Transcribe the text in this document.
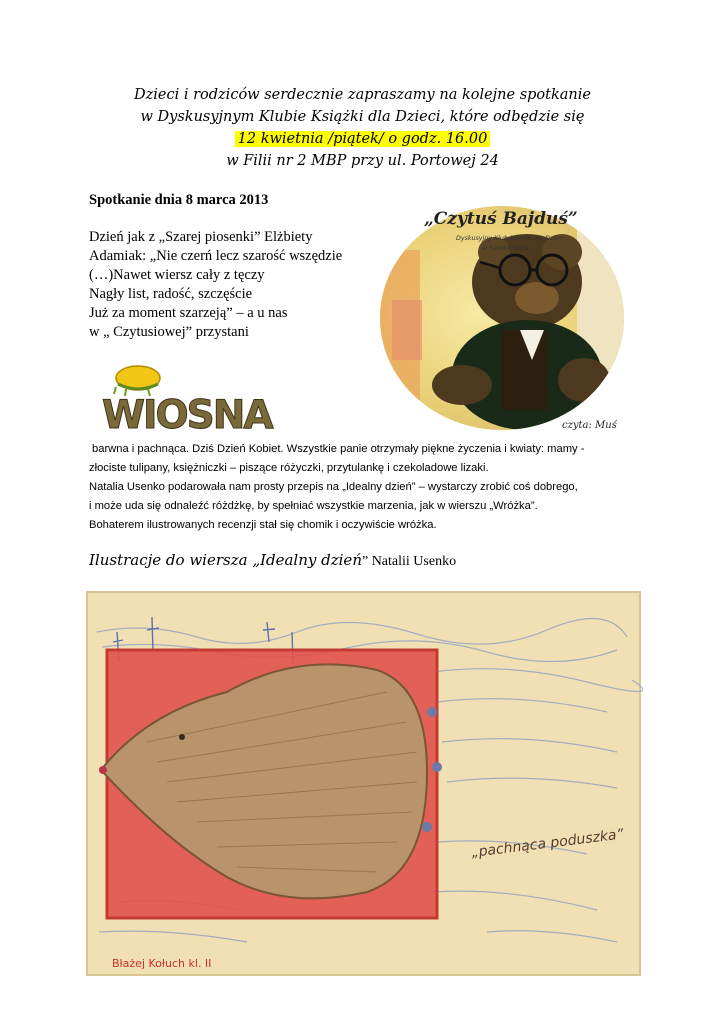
Dzieci i rodziców serdecznie zapraszamy na kolejne spotkanie
w Dyskusyjnym Klubie Książki dla Dzieci, które odbędzie się
12 kwietnia /piątek/ o godz. 16.00
w Filii nr 2 MBP przy ul. Portowej 24
Spotkanie dnia 8 marca 2013
Dzień jak z „Szarej piosenki” Elżbiety
Adamiak: „Nie czerń lecz szarość wszędzie
(…)Nawet wiersz cały z tęczy
Nagły list, radość, szczęście
Już za moment szarzeją” – a u nas
w „ Czytusiowej” przystani
„Czytuś Bajduś”
Dyskusyjny Klub Książki dla Dzieci
w Sandomierzu
czyta: Muś
WIOSNA
barwna i pachnąca. Dziś Dzień Kobiet. Wszystkie panie otrzymały piękne życzenia i kwiaty: mamy -
złociste tulipany, księżniczki – piszące różyczki, przytulankę i czekoladowe lizaki.
Natalia Usenko podarowała nam prosty przepis na „Idealny dzień” – wystarczy zrobić coś dobrego,
i może uda się odnaleźć różdżkę, by spełniać wszystkie marzenia, jak w wierszu „Wróżka”.
Bohaterem ilustrowanych recenzji stał się chomik i oczywiście wróżka.
Ilustracje do wiersza „Idealny dzień” Natalii Usenko
„pachnąca poduszka”
Błażej Kołuch kl. II
